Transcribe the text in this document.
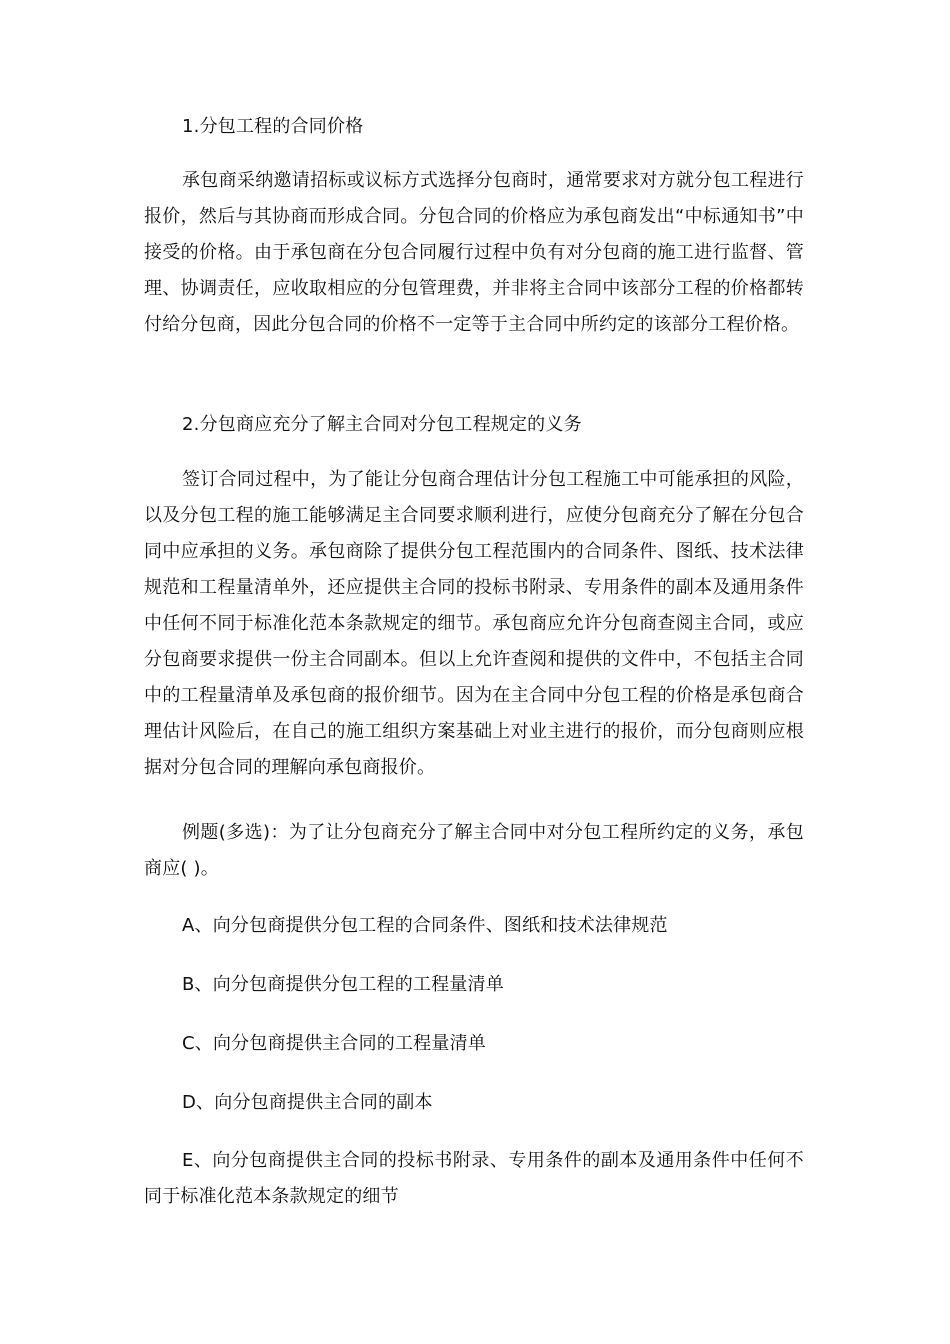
1.分包工程的合同价格
承包商采纳邀请招标或议标方式选择分包商时，通常要求对方就分包工程进行报价，然后与其协商而形成合同。分包合同的价格应为承包商发出“中标通知书”中接受的价格。由于承包商在分包合同履行过程中负有对分包商的施工进行监督、管理、协调责任，应收取相应的分包管理费，并非将主合同中该部分工程的价格都转付给分包商，因此分包合同的价格不一定等于主合同中所约定的该部分工程价格。
2.分包商应充分了解主合同对分包工程规定的义务
签订合同过程中，为了能让分包商合理估计分包工程施工中可能承担的风险，以及分包工程的施工能够满足主合同要求顺利进行，应使分包商充分了解在分包合同中应承担的义务。承包商除了提供分包工程范围内的合同条件、图纸、技术法律规范和工程量清单外，还应提供主合同的投标书附录、专用条件的副本及通用条件中任何不同于标准化范本条款规定的细节。承包商应允许分包商查阅主合同，或应分包商要求提供一份主合同副本。但以上允许查阅和提供的文件中，不包括主合同中的工程量清单及承包商的报价细节。因为在主合同中分包工程的价格是承包商合理估计风险后，在自己的施工组织方案基础上对业主进行的报价，而分包商则应根据对分包合同的理解向承包商报价。
例题(多选)：为了让分包商充分了解主合同中对分包工程所约定的义务，承包商应( )。
A、向分包商提供分包工程的合同条件、图纸和技术法律规范
B、向分包商提供分包工程的工程量清单
C、向分包商提供主合同的工程量清单
D、向分包商提供主合同的副本
E、向分包商提供主合同的投标书附录、专用条件的副本及通用条件中任何不同于标准化范本条款规定的细节
